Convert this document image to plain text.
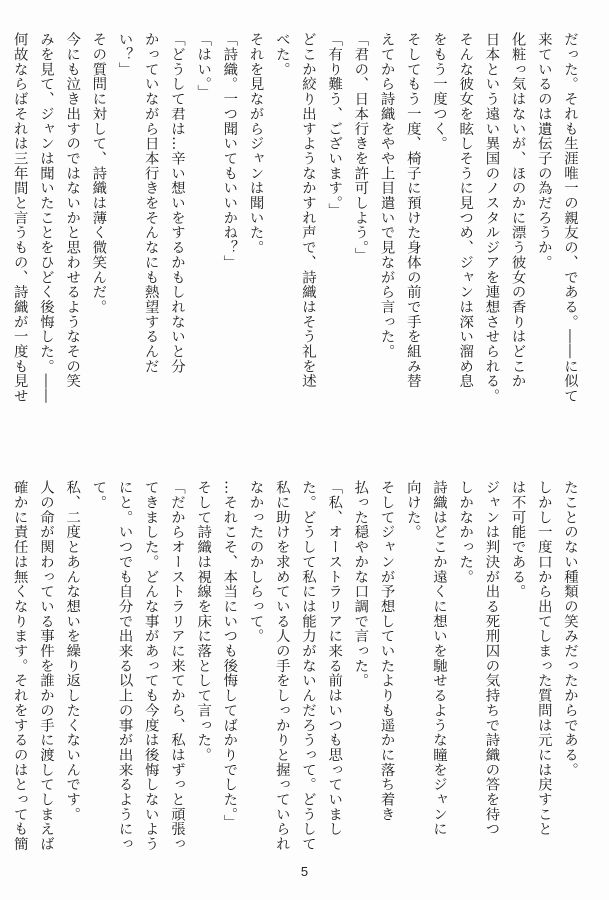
だった。それも生涯唯一の親友の、である。――に似て
来ているのは遺伝子の為だろうか。
化粧っ気はないが、ほのかに漂う彼女の香りはどこか
日本という遠い異国のノスタルジアを連想させられる。
そんな彼女を眩しそうに見つめ、ジャンは深い溜め息
をもう一度つく。
そしてもう一度、椅子に預けた身体の前で手を組み替
えてから詩織をやや上目遣いで見ながら言った。
「君の、日本行きを許可しよう。」
「有り難う、ございます。」
どこか絞り出すようなかすれ声で、詩織はそう礼を述
べた。
それを見ながらジャンは聞いた。
「詩織。一つ聞いてもいいかね？」
「はい。」
「どうして君は…辛い想いをするかもしれないと分
かっていながら日本行きをそんなにも熱望するんだ
い？」
その質問に対して、詩織は薄く微笑んだ。
今にも泣き出すのではないかと思わせるようなその笑
みを見て、ジャンは聞いたことをひどく後悔した。――
何故ならばそれは三年間と言うもの、詩織が一度も見せ
たことのない種類の笑みだったからである。
しかし一度口から出てしまった質問は元には戻すこと
は不可能である。
ジャンは判決が出る死刑囚の気持ちで詩織の答を待つ
しかなかった。
詩織はどこか遠くに想いを馳せるような瞳をジャンに
向けた。
そしてジャンが予想していたよりも遥かに落ち着き
払った穏やかな口調で言った。
「私、オーストラリアに来る前はいつも思っていまし
た。どうして私には能力がないんだろうって。どうして
私に助けを求めている人の手をしっかりと握っていられ
なかったのかしらって。
…それこそ、本当にいつも後悔してばかりでした。」
そして詩織は視線を床に落として言った。
「だからオーストラリアに来てから、私はずっと頑張っ
てきました。どんな事があっても今度は後悔しないよう
にと。いつでも自分で出来る以上の事が出来るようにっ
て。
私、二度とあんな想いを繰り返したくないんです。
人の命が関わっている事件を誰かの手に渡してしまえば
確かに責任は無くなります。それをするのはとっても簡
5
